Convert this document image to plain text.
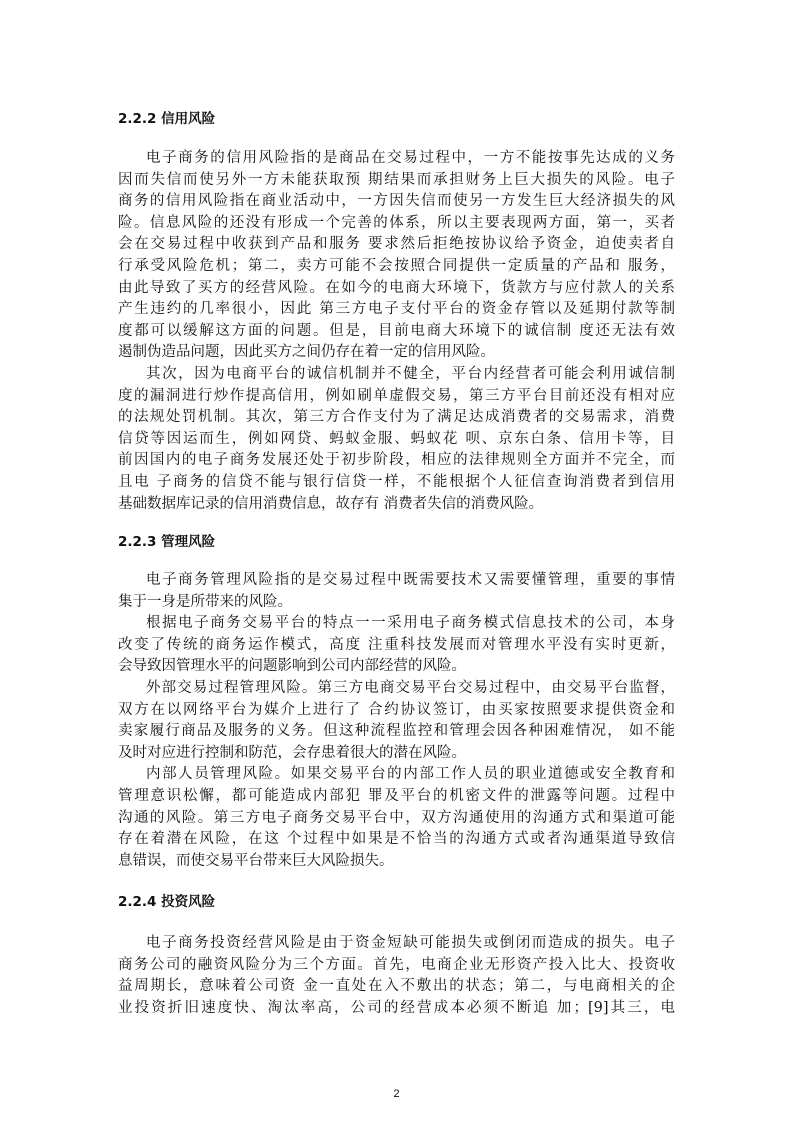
2.2.2 信用风险
电子商务的信用风险指的是商品在交易过程中，一方不能按事先达成的义务
因而失信而使另外一方未能获取预 期结果而承担财务上巨大损失的风险。电子
商务的信用风险指在商业活动中，一方因失信而使另一方发生巨大经济损失的风
险。信息风险的还没有形成一个完善的体系，所以主要表现两方面，第一，买者
会在交易过程中收获到产品和服务 要求然后拒绝按协议给予资金，迫使卖者自
行承受风险危机；第二，卖方可能不会按照合同提供一定质量的产品和 服务，
由此导致了买方的经营风险。在如今的电商大环境下，货款方与应付款人的关系
产生违约的几率很小，因此 第三方电子支付平台的资金存管以及延期付款等制
度都可以缓解这方面的问题。但是，目前电商大环境下的诚信制 度还无法有效
遏制伪造品问题，因此买方之间仍存在着一定的信用风险。
其次，因为电商平台的诚信机制并不健全，平台内经营者可能会利用诚信制
度的漏洞进行炒作提高信用，例如刷单虚假交易，第三方平台目前还没有相对应
的法规处罚机制。其次，第三方合作支付为了满足达成消费者的交易需求，消费
信贷等因运而生，例如网贷、蚂蚁金服、蚂蚁花 呗、京东白条、信用卡等，目
前因国内的电子商务发展还处于初步阶段，相应的法律规则全方面并不完全，而
且电 子商务的信贷不能与银行信贷一样，不能根据个人征信查询消费者到信用
基础数据库记录的信用消费信息，故存有 消费者失信的消费风险。
2.2.3 管理风险
电子商务管理风险指的是交易过程中既需要技术又需要懂管理，重要的事情
集于一身是所带来的风险。
根据电子商务交易平台的特点一一采用电子商务模式信息技术的公司，本身
改变了传统的商务运作模式，高度 注重科技发展而对管理水平没有实时更新，
会导致因管理水平的问题影响到公司内部经营的风险。
外部交易过程管理风险。第三方电商交易平台交易过程中，由交易平台监督，
双方在以网络平台为媒介上进行了 合约协议签订，由买家按照要求提供资金和
卖家履行商品及服务的义务。但这种流程监控和管理会因各种困难情况， 如不能
及时对应进行控制和防范，会存患着很大的潜在风险。
内部人员管理风险。如果交易平台的内部工作人员的职业道德或安全教育和
管理意识松懈，都可能造成内部犯 罪及平台的机密文件的泄露等问题。过程中
沟通的风险。第三方电子商务交易平台中，双方沟通使用的沟通方式和渠道可能
存在着潜在风险，在这 个过程中如果是不恰当的沟通方式或者沟通渠道导致信
息错误，而使交易平台带来巨大风险损失。
2.2.4 投资风险
电子商务投资经营风险是由于资金短缺可能损失或倒闭而造成的损失。电子
商务公司的融资风险分为三个方面。首先，电商企业无形资产投入比大、投资收
益周期长，意味着公司资 金一直处在入不敷出的状态；第二，与电商相关的企
业投资折旧速度快、淘汰率高，公司的经营成本必须不断追 加；[9]其三，电
2
